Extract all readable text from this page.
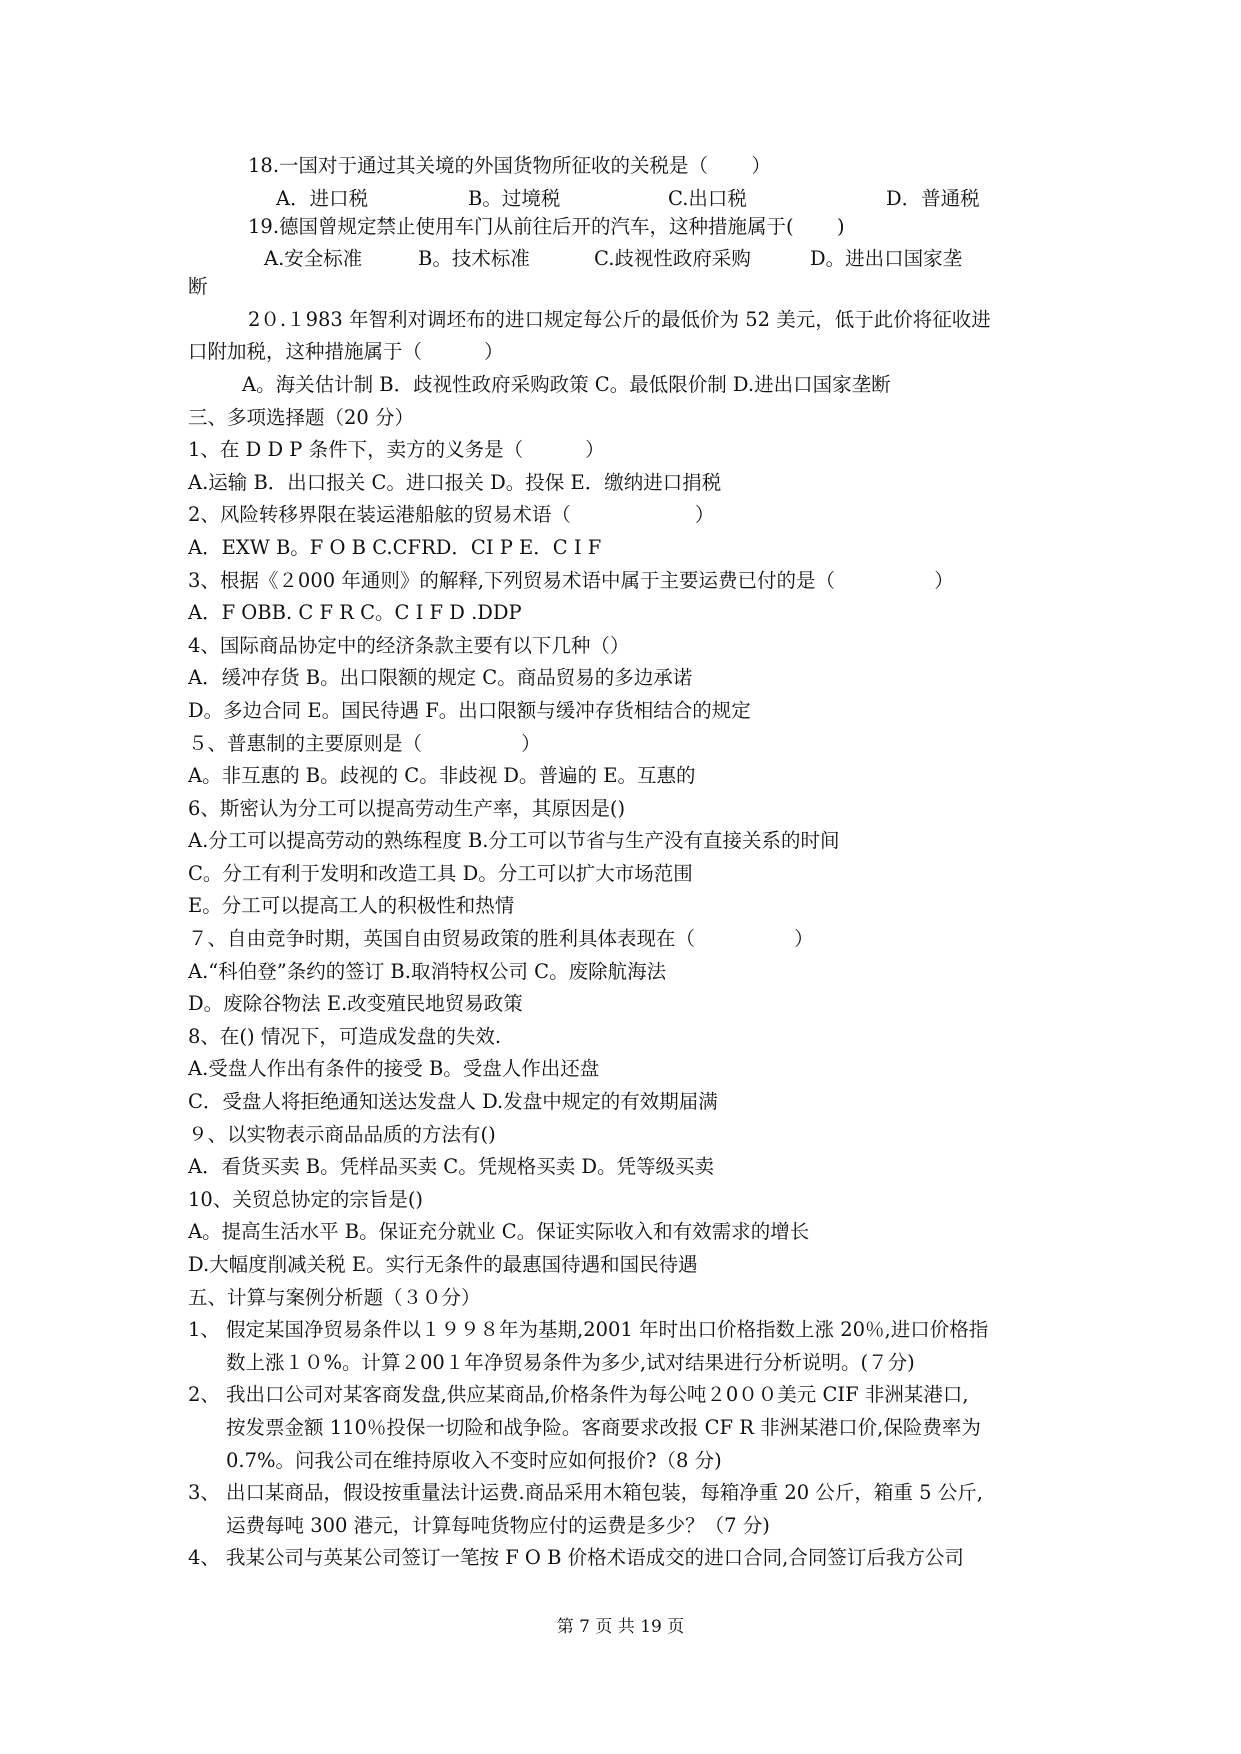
18.一国对于通过其关境的外国货物所征收的关税是（       ）
A．进口税	B。过境税	C.出口税	D．普通税
19.德国曾规定禁止使用车门从前往后开的汽车，这种措施属于(       )
A.安全标准	B。技术标准	C.歧视性政府采购	D。进出口国家垄
断
2０.１983 年智利对调坯布的进口规定每公斤的最低价为 52 美元，低于此价将征收进
口附加税，这种措施属于（          ）
A。海关估计制 B．歧视性政府采购政策 C。最低限价制 D.进出口国家垄断
三、多项选择题（20 分）
1、在 D D P 条件下，卖方的义务是（          ）
A.运输 B．出口报关 C。进口报关 D。投保 E．缴纳进口捐税
2、风险转移界限在装运港船舷的贸易术语（                    ）
A．EXW B。F O B C.CFRD．CI P E．C I F
3、根据《２000 年通则》的解释,下列贸易术语中属于主要运费已付的是（                ）
A．F OBB. C F R C。C I F D .DDP
4、国际商品协定中的经济条款主要有以下几种（）
A．缓冲存货 B。出口限额的规定 C。商品贸易的多边承诺
D。多边合同 E。国民待遇 F。出口限额与缓冲存货相结合的规定
５、普惠制的主要原则是（                ）
A。非互惠的 B。歧视的 C。非歧视 D。普遍的 E。互惠的
6、斯密认为分工可以提高劳动生产率，其原因是()
A.分工可以提高劳动的熟练程度 B.分工可以节省与生产没有直接关系的时间
C。分工有利于发明和改造工具 D。分工可以扩大市场范围
E。分工可以提高工人的积极性和热情
７、自由竞争时期，英国自由贸易政策的胜利具体表现在（                ）
A.“科伯登”条约的签订 B.取消特权公司 C。废除航海法
D。废除谷物法 E.改变殖民地贸易政策
8、在() 情况下，可造成发盘的失效.
A.受盘人作出有条件的接受 B。受盘人作出还盘
C．受盘人将拒绝通知送达发盘人 D.发盘中规定的有效期届满
９、以实物表示商品品质的方法有()
A．看货买卖 B。凭样品买卖 C。凭规格买卖 D。凭等级买卖
10、关贸总协定的宗旨是()
A。提高生活水平 B。保证充分就业 C。保证实际收入和有效需求的增长
D.大幅度削减关税 E。实行无条件的最惠国待遇和国民待遇
五、计算与案例分析题（３０分）
1、 假定某国净贸易条件以１９９８年为基期,2001 年时出口价格指数上涨 20％,进口价格指
数上涨１０%。计算２00１年净贸易条件为多少,试对结果进行分析说明。(７分)
2、 我出口公司对某客商发盘,供应某商品,价格条件为每公吨２0００美元 CIF 非洲某港口,
按发票金额 110％投保一切险和战争险。客商要求改报 CF R 非洲某港口价,保险费率为
0.7%。问我公司在维持原收入不变时应如何报价?（8 分)
3、 出口某商品，假设按重量法计运费.商品采用木箱包装，每箱净重 20 公斤，箱重 5 公斤,
运费每吨 300 港元，计算每吨货物应付的运费是多少？（7 分)
4、 我某公司与英某公司签订一笔按 F O B 价格术语成交的进口合同,合同签订后我方公司
第 7 页 共 19 页
